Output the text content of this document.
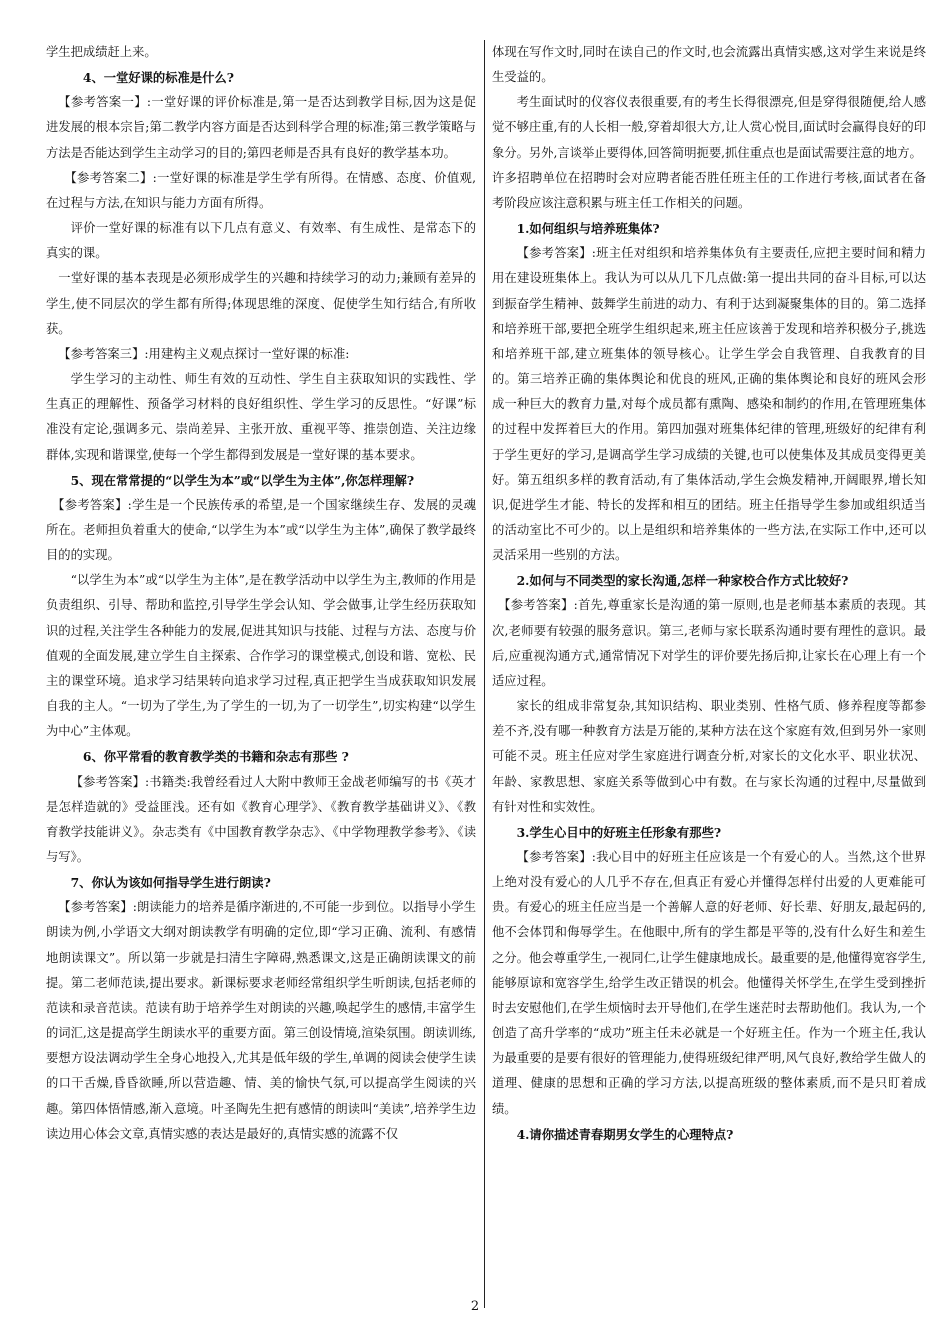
学生把成绩赶上来。

4、一堂好课的标准是什么?

【参考答案一】:一堂好课的评价标准是,第一是否达到教学目标,因为这是促进发展的根本宗旨;第二教学内容方面是否达到科学合理的标准;第三教学策略与方法是否能达到学生主动学习的目的;第四老师是否具有良好的教学基本功。

【参考答案二】:一堂好课的标准是学生学有所得。在情感、态度、价值观,在过程与方法,在知识与能力方面有所得。

评价一堂好课的标准有以下几点有意义、有效率、有生成性、是常态下的真实的课。

一堂好课的基本表现是必须形成学生的兴趣和持续学习的动力;兼顾有差异的学生,使不同层次的学生都有所得;体现思维的深度、促使学生知行结合,有所收获。

【参考答案三】:用建构主义观点探讨一堂好课的标准:

学生学习的主动性、师生有效的互动性、学生自主获取知识的实践性、学生真正的理解性、预备学习材料的良好组织性、学生学习的反思性。“好课”标准没有定论,强调多元、崇尚差异、主张开放、重视平等、推崇创造、关注边缘群体,实现和谐课堂,使每一个学生都得到发展是一堂好课的基本要求。

5、现在常常提的“以学生为本”或“以学生为主体”,你怎样理解?

【参考答案】:学生是一个民族传承的希望,是一个国家继续生存、发展的灵魂所在。老师担负着重大的使命,“以学生为本”或“以学生为主体”,确保了教学最终目的的实现。

“以学生为本”或“以学生为主体”,是在教学活动中以学生为主,教师的作用是负责组织、引导、帮助和监控,引导学生学会认知、学会做事,让学生经历获取知识的过程,关注学生各种能力的发展,促进其知识与技能、过程与方法、态度与价值观的全面发展,建立学生自主探索、合作学习的课堂模式,创设和谐、宽松、民主的课堂环境。追求学习结果转向追求学习过程,真正把学生当成获取知识发展自我的主人。“一切为了学生,为了学生的一切,为了一切学生”,切实构建“以学生为中心”主体观。

6、你平常看的教育教学类的书籍和杂志有那些 ?

【参考答案】:书籍类:我曾经看过人大附中教师王金战老师编写的书《英才是怎样造就的》受益匪浅。还有如《教育心理学》、《教育教学基础讲义》、《教育教学技能讲义》。杂志类有《中国教育教学杂志》、《中学物理教学参考》、《读与写》。

7、你认为该如何指导学生进行朗读?

【参考答案】:朗读能力的培养是循序渐进的,不可能一步到位。以指导小学生朗读为例,小学语文大纲对朗读教学有明确的定位,即“学习正确、流利、有感情地朗读课文”。所以第一步就是扫清生字障碍,熟悉课文,这是正确朗读课文的前提。第二老师范读,提出要求。新课标要求老师经常组织学生听朗读,包括老师的范读和录音范读。范读有助于培养学生对朗读的兴趣,唤起学生的感情,丰富学生的词汇,这是提高学生朗读水平的重要方面。第三创设情境,渲染氛围。朗读训练,要想方设法调动学生全身心地投入,尤其是低年级的学生,单调的阅读会使学生读的口干舌燥,昏昏欲睡,所以营造趣、情、美的愉快气氛,可以提高学生阅读的兴趣。第四体悟情感,渐入意境。叶圣陶先生把有感情的朗读叫“美读”,培养学生边读边用心体会文章,真情实感的表达是最好的,真情实感的流露不仅

体现在写作文时,同时在读自己的作文时,也会流露出真情实感,这对学生来说是终生受益的。

考生面试时的仪容仪表很重要,有的考生长得很漂亮,但是穿得很随便,给人感觉不够庄重,有的人长相一般,穿着却很大方,让人赏心悦目,面试时会赢得良好的印象分。另外,言谈举止要得体,回答简明扼要,抓住重点也是面试需要注意的地方。

许多招聘单位在招聘时会对应聘者能否胜任班主任的工作进行考核,面试者在备考阶段应该注意积累与班主任工作相关的问题。

1.如何组织与培养班集体?

【参考答案】:班主任对组织和培养集体负有主要责任,应把主要时间和精力用在建设班集体上。我认为可以从几下几点做:第一提出共同的奋斗目标,可以达到振奋学生精神、鼓舞学生前进的动力、有利于达到凝聚集体的目的。第二选择和培养班干部,要把全班学生组织起来,班主任应该善于发现和培养积极分子,挑选和培养班干部,建立班集体的领导核心。让学生学会自我管理、自我教育的目的。第三培养正确的集体舆论和优良的班风,正确的集体舆论和良好的班风会形成一种巨大的教育力量,对每个成员都有熏陶、感染和制约的作用,在管理班集体的过程中发挥着巨大的作用。第四加强对班集体纪律的管理,班级好的纪律有利于学生更好的学习,是调高学生学习成绩的关键,也可以使集体及其成员变得更美好。第五组织多样的教育活动,有了集体活动,学生会焕发精神,开阔眼界,增长知识,促进学生才能、特长的发挥和相互的团结。班主任指导学生参加或组织适当的活动室比不可少的。以上是组织和培养集体的一些方法,在实际工作中,还可以灵活采用一些别的方法。

2.如何与不同类型的家长沟通,怎样一种家校合作方式比较好?

【参考答案】:首先,尊重家长是沟通的第一原则,也是老师基本素质的表现。其次,老师要有较强的服务意识。第三,老师与家长联系沟通时要有理性的意识。最后,应重视沟通方式,通常情况下对学生的评价要先扬后抑,让家长在心理上有一个适应过程。

家长的组成非常复杂,其知识结构、职业类别、性格气质、修养程度等都参差不齐,没有哪一种教育方法是万能的,某种方法在这个家庭有效,但到另外一家则可能不灵。班主任应对学生家庭进行调查分析,对家长的文化水平、职业状况、年龄、家教思想、家庭关系等做到心中有数。在与家长沟通的过程中,尽量做到有针对性和实效性。

3.学生心目中的好班主任形象有那些?

【参考答案】:我心目中的好班主任应该是一个有爱心的人。当然,这个世界上绝对没有爱心的人几乎不存在,但真正有爱心并懂得怎样付出爱的人更难能可贵。有爱心的班主任应当是一个善解人意的好老师、好长辈、好朋友,最起码的,他不会体罚和侮辱学生。在他眼中,所有的学生都是平等的,没有什么好生和差生之分。他会尊重学生,一视同仁,让学生健康地成长。最重要的是,他懂得宽容学生,能够原谅和宽容学生,给学生改正错误的机会。他懂得关怀学生,在学生受到挫折时去安慰他们,在学生烦恼时去开导他们,在学生迷茫时去帮助他们。我认为,一个创造了高升学率的“成功”班主任未必就是一个好班主任。作为一个班主任,我认为最重要的是要有很好的管理能力,使得班级纪律严明,风气良好,教给学生做人的道理、健康的思想和正确的学习方法,以提高班级的整体素质,而不是只盯着成绩。

4.请你描述青春期男女学生的心理特点?

2
